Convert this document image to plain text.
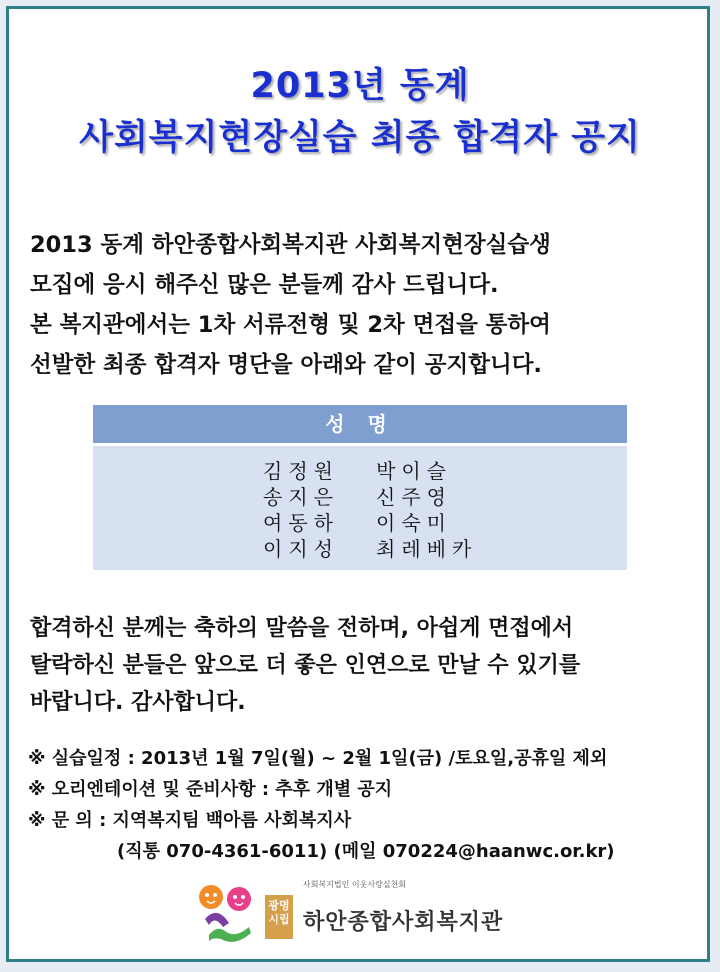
2013년 동계
사회복지현장실습 최종 합격자 공지
2013 동계 하안종합사회복지관 사회복지현장실습생
모집에 응시 해주신 많은 분들께 감사 드립니다.
본 복지관에서는 1차 서류전형 및 2차 면접을 통하여
선발한 최종 합격자 명단을 아래와 같이 공지합니다.
성 명
김정원
송지은
여동하
이지성
박이슬
신주영
이숙미
최레베카
합격하신 분께는 축하의 말씀을 전하며, 아쉽게 면접에서
탈락하신 분들은 앞으로 더 좋은 인연으로 만날 수 있기를
바랍니다. 감사합니다.
※ 실습일정 : 2013년 1월 7일(월) ~ 2월 1일(금) /토요일,공휴일 제외
※ 오리엔테이션 및 준비사항 : 추후 개별 공지
※ 문 의 : 지역복지팀 백아름 사회복지사
(직통 070-4361-6011) (메일 070224@haanwc.or.kr)
광명시립
사회복지법인 이웃사랑실천회
하안종합사회복지관
